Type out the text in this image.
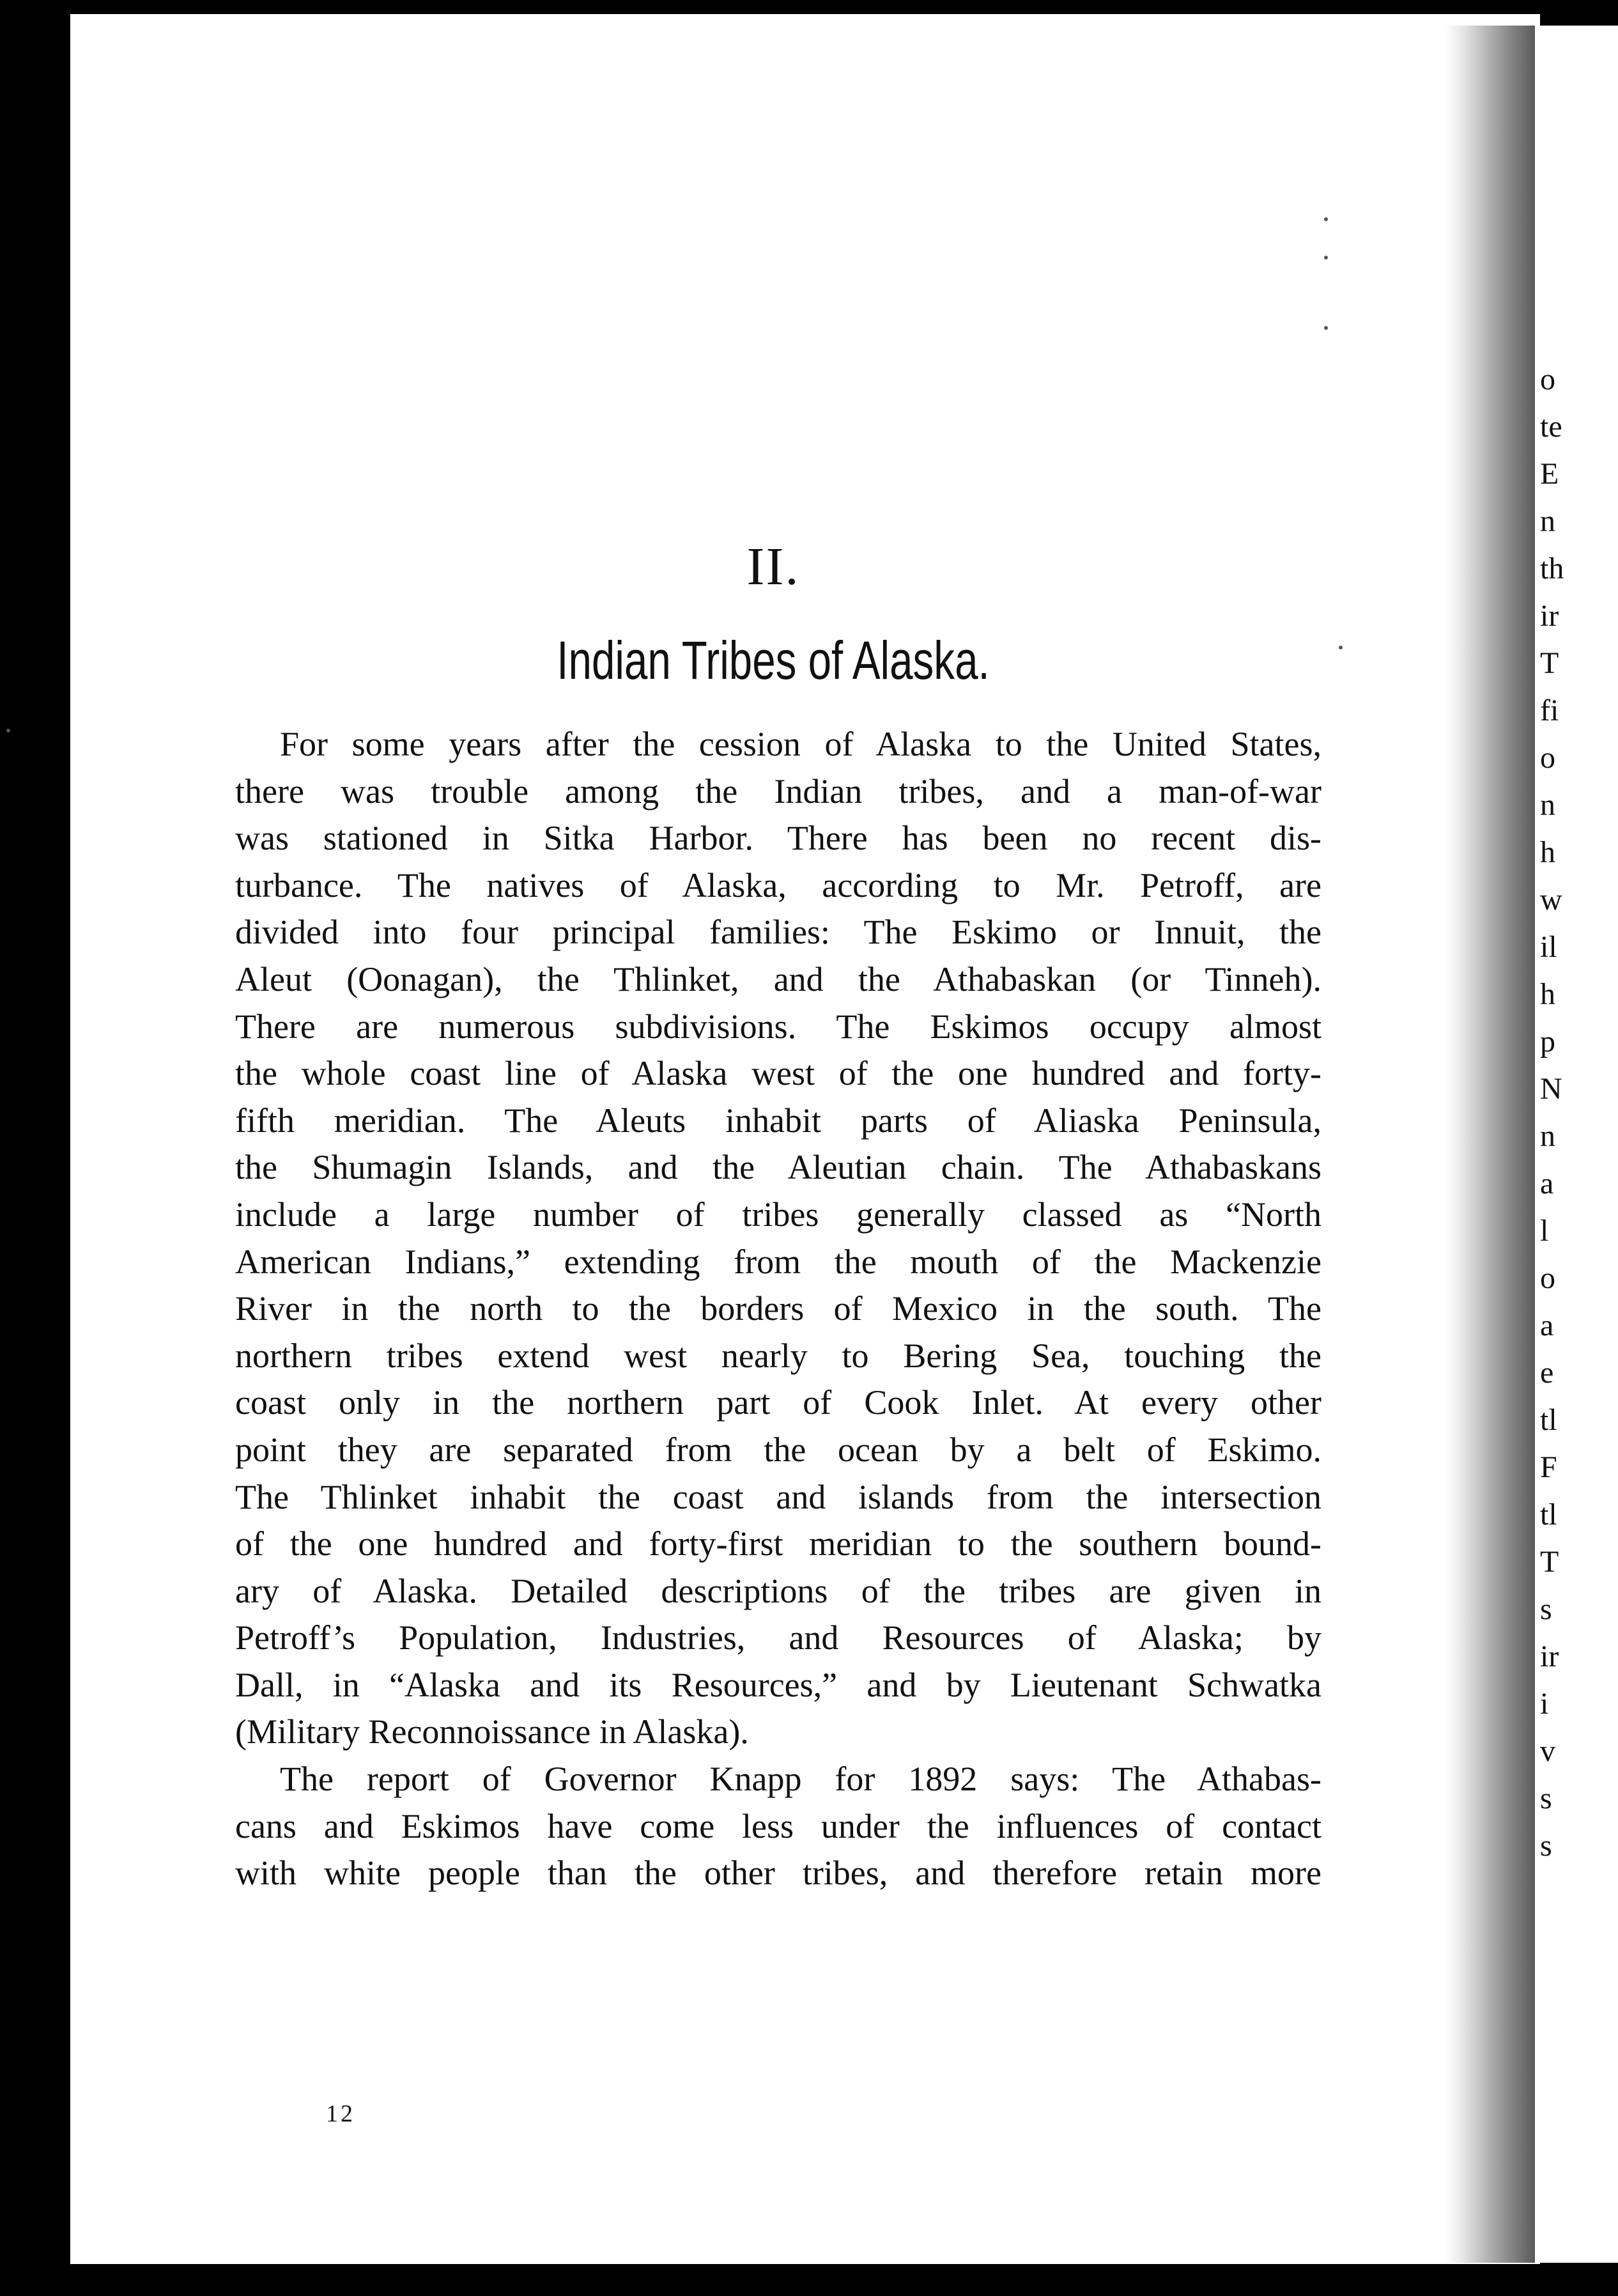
o
te
E
n
th
ir
T
fi
o
n
h
w
il
h
p
N
n
a
l
o
a
e
tl
F
tl
T
s
ir
i
v
s
s
II.
Indian Tribes of Alaska.
For some years after the cession of Alaska to the United States,
there was trouble among the Indian tribes, and a man-of-war
was stationed in Sitka Harbor. There has been no recent dis-
turbance. The natives of Alaska, according to Mr. Petroff, are
divided into four principal families: The Eskimo or Innuit, the
Aleut (Oonagan), the Thlinket, and the Athabaskan (or Tinneh).
There are numerous subdivisions. The Eskimos occupy almost
the whole coast line of Alaska west of the one hundred and forty-
fifth meridian. The Aleuts inhabit parts of Aliaska Peninsula,
the Shumagin Islands, and the Aleutian chain. The Athabaskans
include a large number of tribes generally classed as “North
American Indians,” extending from the mouth of the Mackenzie
River in the north to the borders of Mexico in the south. The
northern tribes extend west nearly to Bering Sea, touching the
coast only in the northern part of Cook Inlet. At every other
point they are separated from the ocean by a belt of Eskimo.
The Thlinket inhabit the coast and islands from the intersection
of the one hundred and forty-first meridian to the southern bound-
ary of Alaska. Detailed descriptions of the tribes are given in
Petroff’s Population, Industries, and Resources of Alaska; by
Dall, in “Alaska and its Resources,” and by Lieutenant Schwatka
(Military Reconnoissance in Alaska).
The report of Governor Knapp for 1892 says: The Athabas-
cans and Eskimos have come less under the influences of contact
with white people than the other tribes, and therefore retain more
12
